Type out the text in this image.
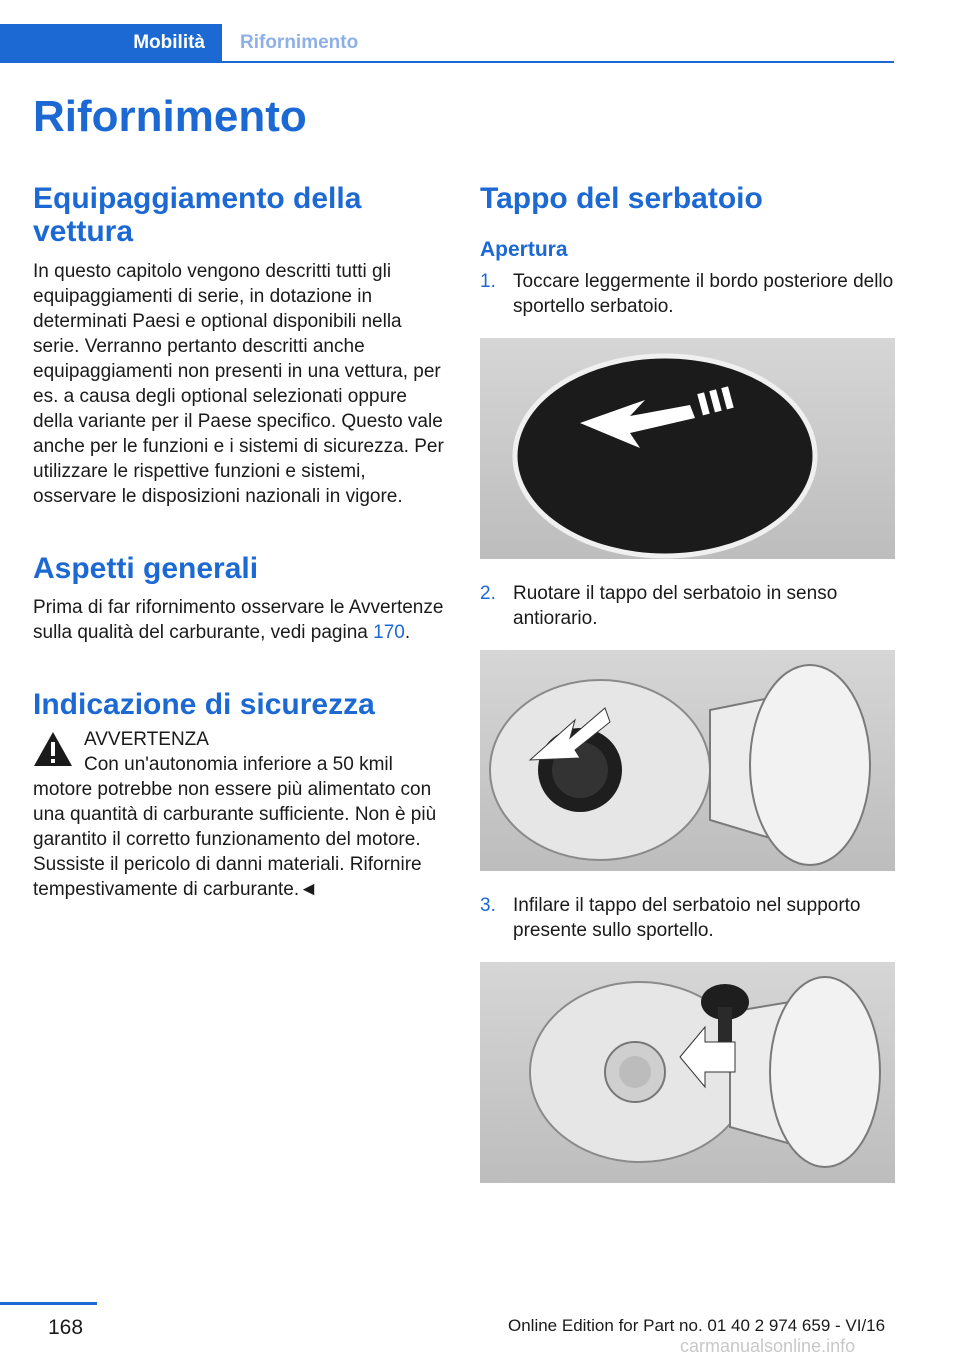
Mobilità	Rifornimento
Rifornimento
Equipaggiamento della vettura

In questo capitolo vengono descritti tutti gli equipaggiamenti di serie, in dotazione in determinati Paesi e optional disponibili nella serie. Verranno pertanto descritti anche equipaggiamenti non presenti in una vettura, per es. a causa degli optional selezionati oppure della variante per il Paese specifico. Questo vale anche per le funzioni e i sistemi di sicurezza. Per utilizzare le rispettive funzioni e sistemi, osservare le disposizioni nazionali in vigore.

Aspetti generali

Prima di far rifornimento osservare le Avvertenze sulla qualità del carburante, vedi pagina 170.

Indicazione di sicurezza
AVVERTENZA

Con un'autonomia inferiore a 50 kmil

motore potrebbe non essere più alimentato con una quantità di carburante sufficiente. Non è più garantito il corretto funzionamento del motore. Sussiste il pericolo di danni materiali. Rifornire tempestivamente di carburante.◄

Tappo del serbatoio
Apertura
1. Toccare leggermente il bordo posteriore dello sportello serbatoio.
2. Ruotare il tappo del serbatoio in senso antiorario.
3. Infilare il tappo del serbatoio nel supporto presente sullo sportello.
168	Online Edition for Part no. 01 40 2 974 659 - VI/16
carmanualsonline.info
